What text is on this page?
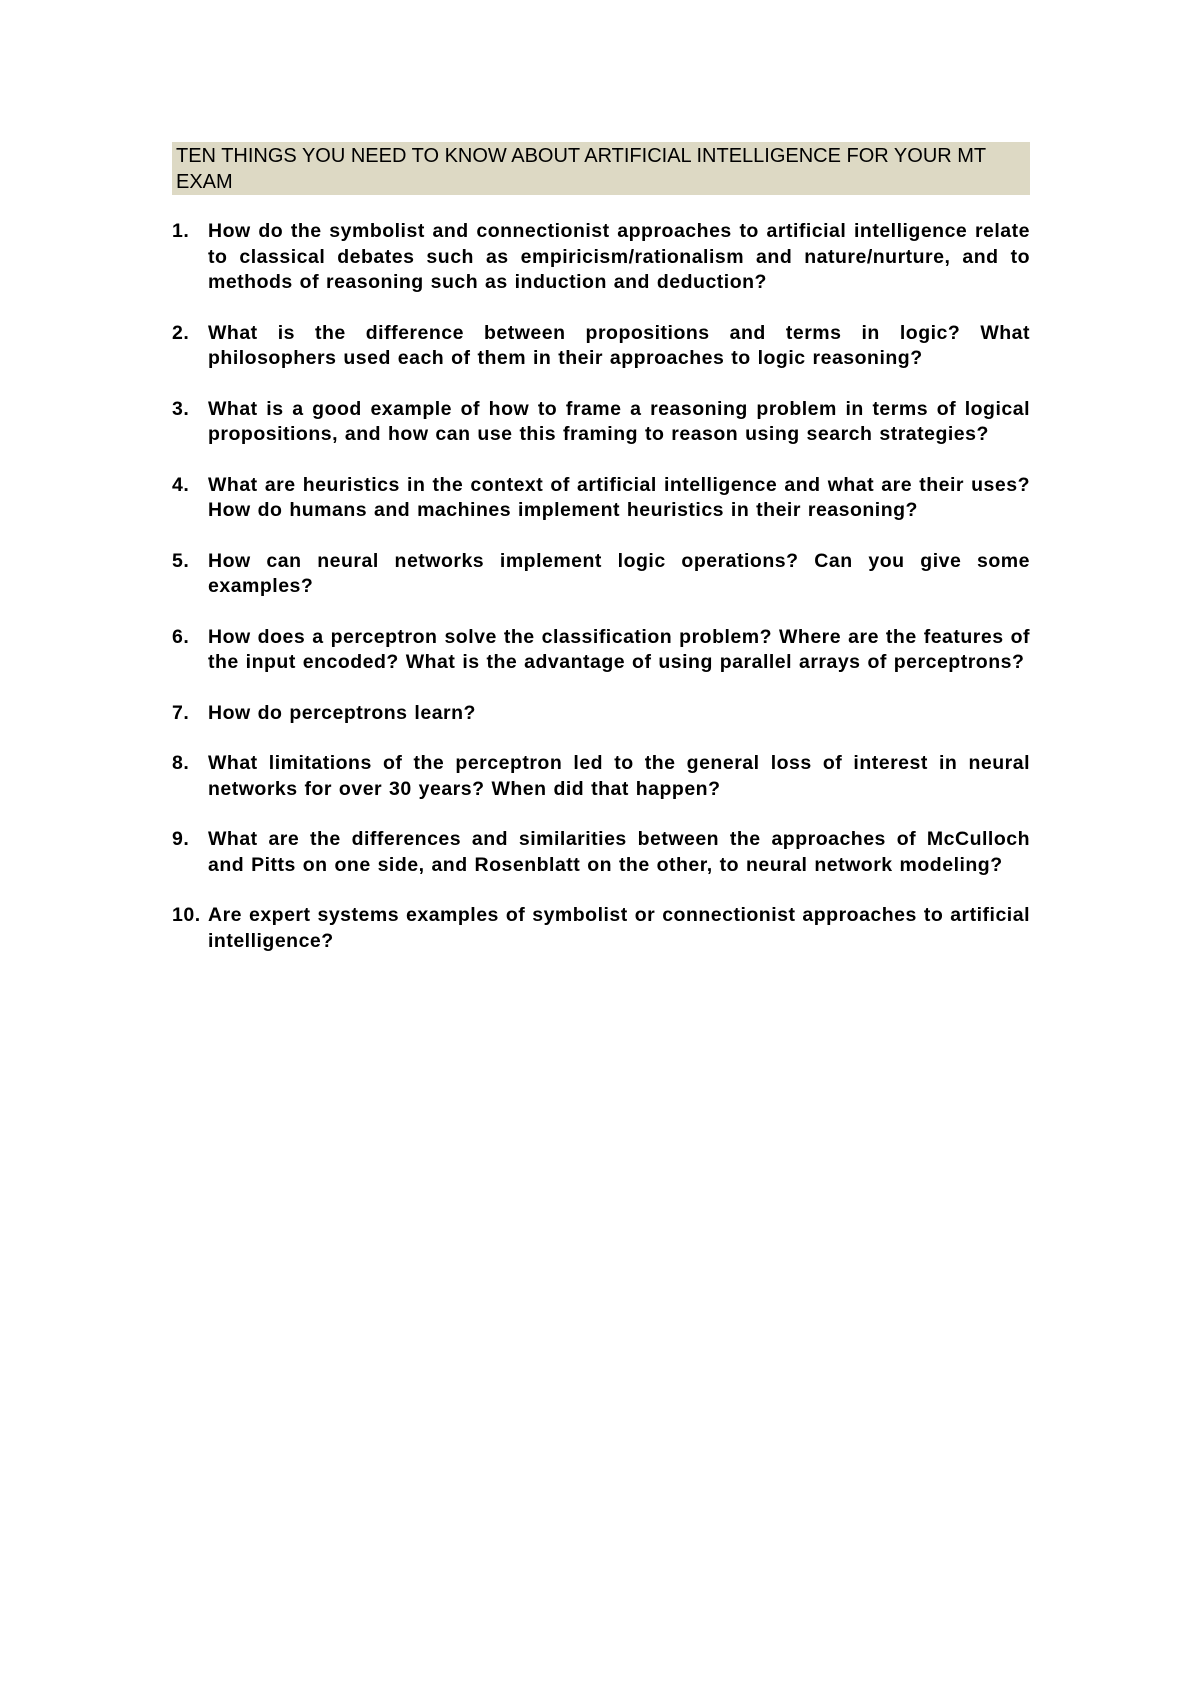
TEN THINGS YOU NEED TO KNOW ABOUT ARTIFICIAL INTELLIGENCE FOR YOUR MT EXAM
1. How do the symbolist and connectionist approaches to artificial intelligence relate to classical debates such as empiricism/rationalism and nature/nurture, and to methods of reasoning such as induction and deduction?
2. What is the difference between propositions and terms in logic? What philosophers used each of them in their approaches to logic reasoning?
3. What is a good example of how to frame a reasoning problem in terms of logical propositions, and how can use this framing to reason using search strategies?
4. What are heuristics in the context of artificial intelligence and what are their uses? How do humans and machines implement heuristics in their reasoning?
5. How can neural networks implement logic operations? Can you give some examples?
6. How does a perceptron solve the classification problem? Where are the features of the input encoded? What is the advantage of using parallel arrays of perceptrons?
7. How do perceptrons learn?
8. What limitations of the perceptron led to the general loss of interest in neural networks for over 30 years? When did that happen?
9. What are the differences and similarities between the approaches of McCulloch and Pitts on one side, and Rosenblatt on the other, to neural network modeling?
10. Are expert systems examples of symbolist or connectionist approaches to artificial intelligence?
